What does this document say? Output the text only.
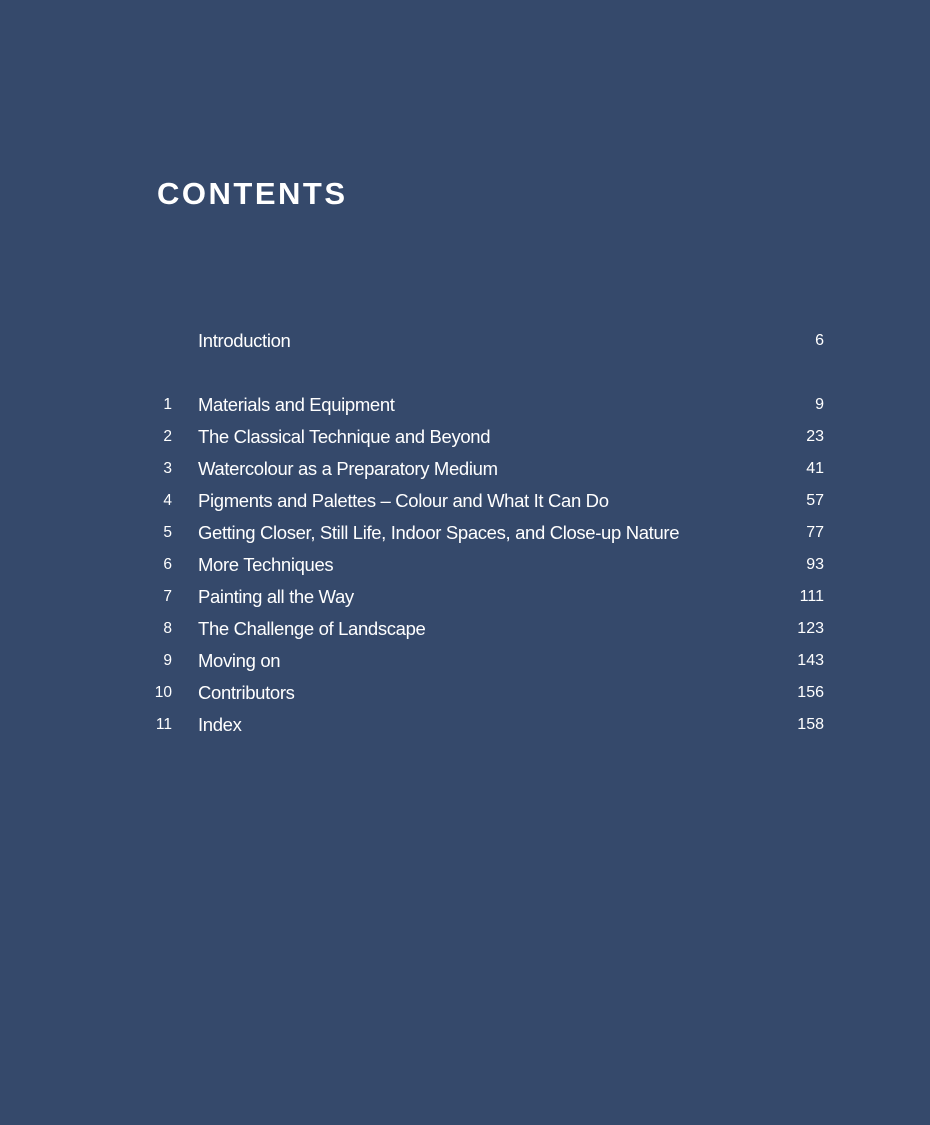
CONTENTS
Introduction	6
1 Materials and Equipment	9
2 The Classical Technique and Beyond	23
3 Watercolour as a Preparatory Medium	41
4 Pigments and Palettes – Colour and What It Can Do	57
5 Getting Closer, Still Life, Indoor Spaces, and Close-up Nature	77
6 More Techniques	93
7 Painting all the Way	111
8 The Challenge of Landscape	123
9 Moving on	143
10 Contributors	156
11 Index	158
